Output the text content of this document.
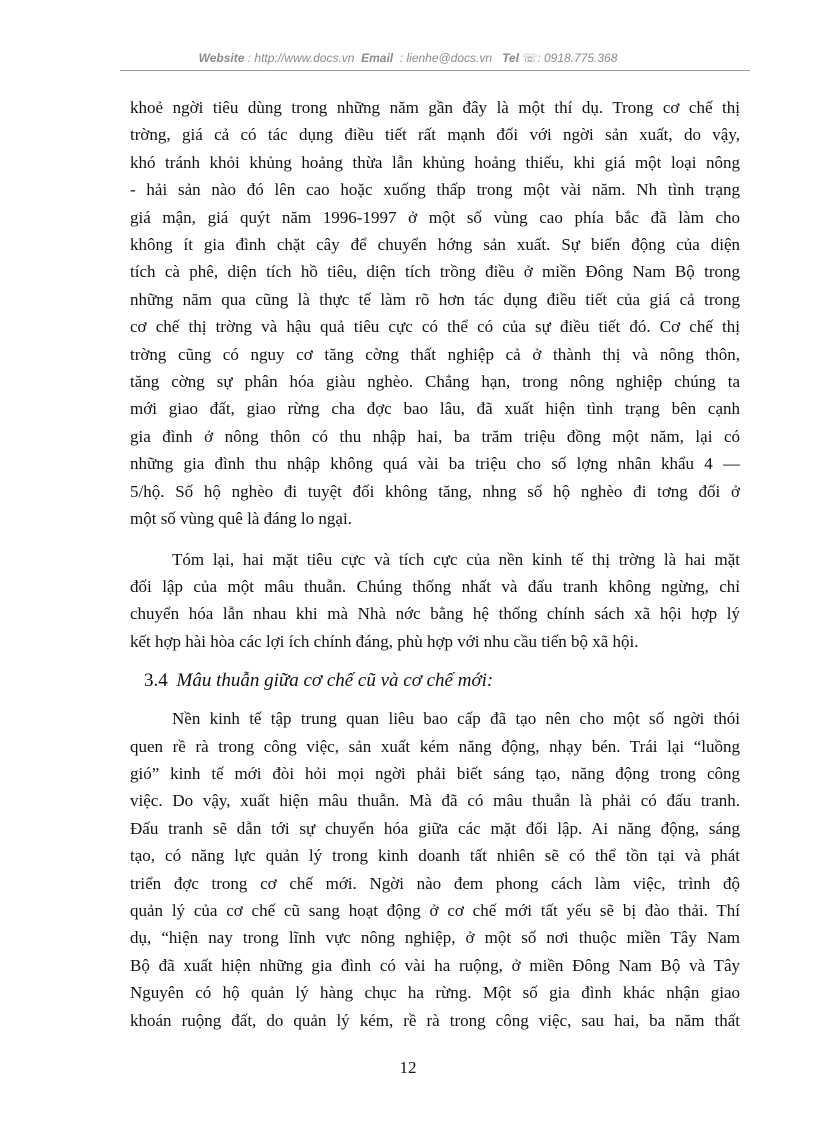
Website : http://www.docs.vn Email : lienhe@docs.vn Tel ☏: 0918.775.368

khoẻ ngời tiêu dùng trong những năm gần đây là một thí dụ. Trong cơ chế thị
trờng, giá cả có tác dụng điều tiết rất mạnh đối với ngời sản xuất, do vậy,
khó tránh khỏi khủng hoảng thừa lẫn khủng hoảng thiếu, khi giá một loại nông
- hải sản nào đó lên cao hoặc xuống thấp trong một vài năm. Nh tình trạng
giá mận, giá quýt năm 1996-1997 ở một số vùng cao phía bắc đã làm cho
không ít gia đình chặt cây để chuyển hớng sản xuất. Sự biến động của diện
tích cà phê, diện tích hồ tiêu, diện tích trồng điều ở miền Đông Nam Bộ trong
những năm qua cũng là thực tế làm rõ hơn tác dụng điều tiết của giá cả trong
cơ chế thị trờng và hậu quả tiêu cực có thể có của sự điều tiết đó. Cơ chế thị
trờng cũng có nguy cơ tăng cờng thất nghiệp cả ở thành thị và nông thôn,
tăng cờng sự phân hóa giàu nghèo. Chẳng hạn, trong nông nghiệp chúng ta
mới giao đất, giao rừng cha đợc bao lâu, đã xuất hiện tình trạng bên cạnh
gia đình ở nông thôn có thu nhập hai, ba trăm triệu đồng một năm, lại có
những gia đình thu nhập không quá vài ba triệu cho số lợng nhân khẩu 4 —
5/hộ. Số hộ nghèo đi tuyệt đối không tăng, nhng số hộ nghèo đi tơng đối ở
một số vùng quê là đáng lo ngại.

Tóm lại, hai mặt tiêu cực và tích cực của nền kinh tế thị trờng là hai mặt
đối lập của một mâu thuẫn. Chúng thống nhất và đấu tranh không ngừng, chỉ
chuyển hóa lẫn nhau khi mà Nhà nớc bằng hệ thống chính sách xã hội hợp lý
kết hợp hài hòa các lợi ích chính đáng, phù hợp với nhu cầu tiến bộ xã hội.

3.4 Mâu thuẫn giữa cơ chế cũ và cơ chế mới:

Nền kinh tế tập trung quan liêu bao cấp đã tạo nên cho một số ngời thói
quen rề rà trong công việc, sản xuất kém năng động, nhạy bén. Trái lại “luồng
gió” kinh tế mới đòi hỏi mọi ngời phải biết sáng tạo, năng động trong công
việc. Do vậy, xuất hiện mâu thuẫn. Mà đã có mâu thuẫn là phải có đấu tranh.
Đấu tranh sẽ dẫn tới sự chuyển hóa giữa các mặt đối lập. Ai năng động, sáng
tạo, có năng lực quản lý trong kinh doanh tất nhiên sẽ có thể tồn tại và phát
triển đợc trong cơ chế mới. Ngời nào đem phong cách làm việc, trình độ
quản lý của cơ chế cũ sang hoạt động ở cơ chế mới tất yếu sẽ bị đào thải. Thí
dụ, “hiện nay trong lĩnh vực nông nghiệp, ở một số nơi thuộc miền Tây Nam
Bộ đã xuất hiện những gia đình có vài ha ruộng, ở miền Đông Nam Bộ và Tây
Nguyên có hộ quản lý hàng chục ha rừng. Một số gia đình khác nhận giao
khoán ruộng đất, do quản lý kém, rề rà trong công việc, sau hai, ba năm thất

12
